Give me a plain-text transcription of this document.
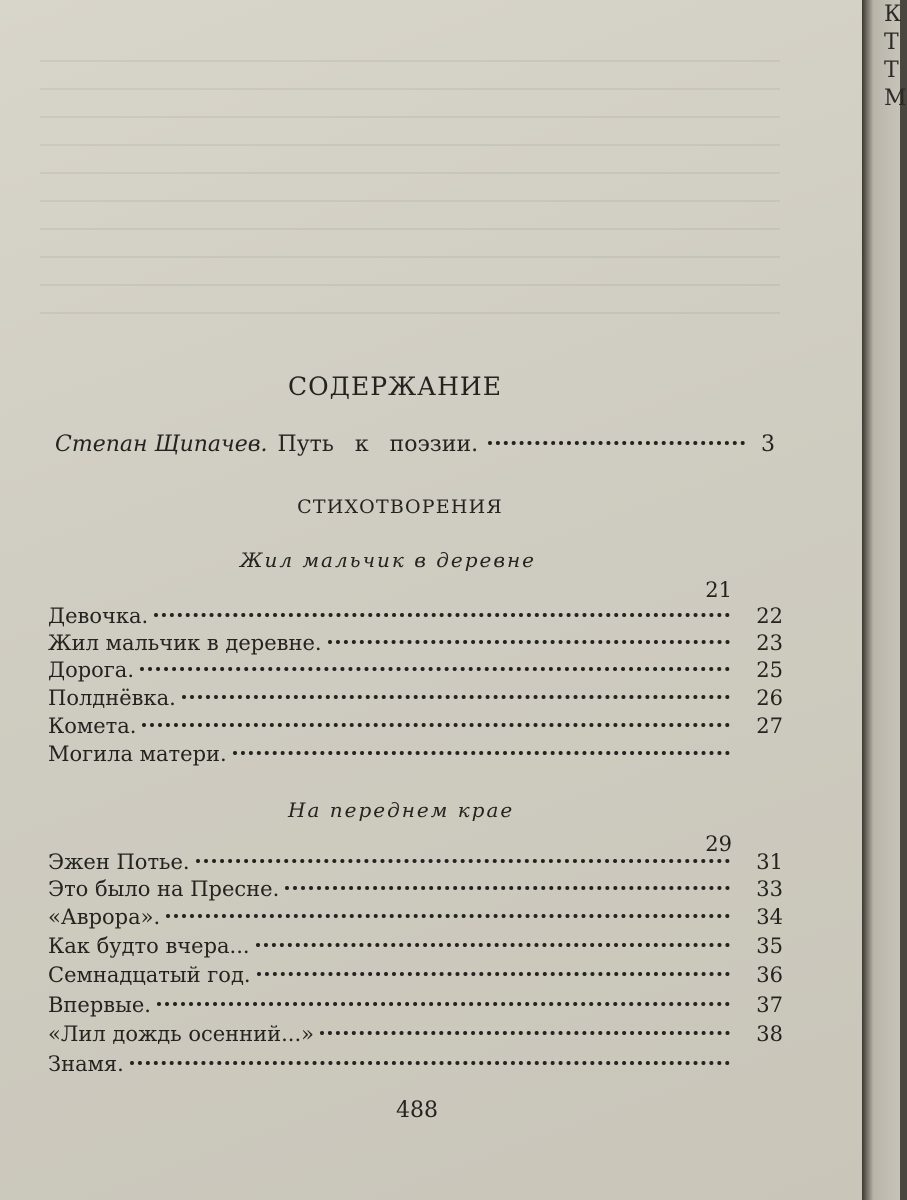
СОДЕРЖАНИЕ
Степан Щипачев. Путь к поэзии.	3
СТИХОТВОРЕНИЯ
Жил мальчик в деревне
21
Девочка.	22
Жил мальчик в деревне.	23
Дорога.	25
Полднёвка.	26
Комета.	27
Могила матери.
На переднем крае
29
Эжен Потье.	31
Это было на Пресне.	33
«Аврора».	34
Как будто вчера...	35
Семнадцатый год.	36
Впервые.	37
«Лил дождь осенний...»	38
Знамя.
488
К
Т
Т
М
